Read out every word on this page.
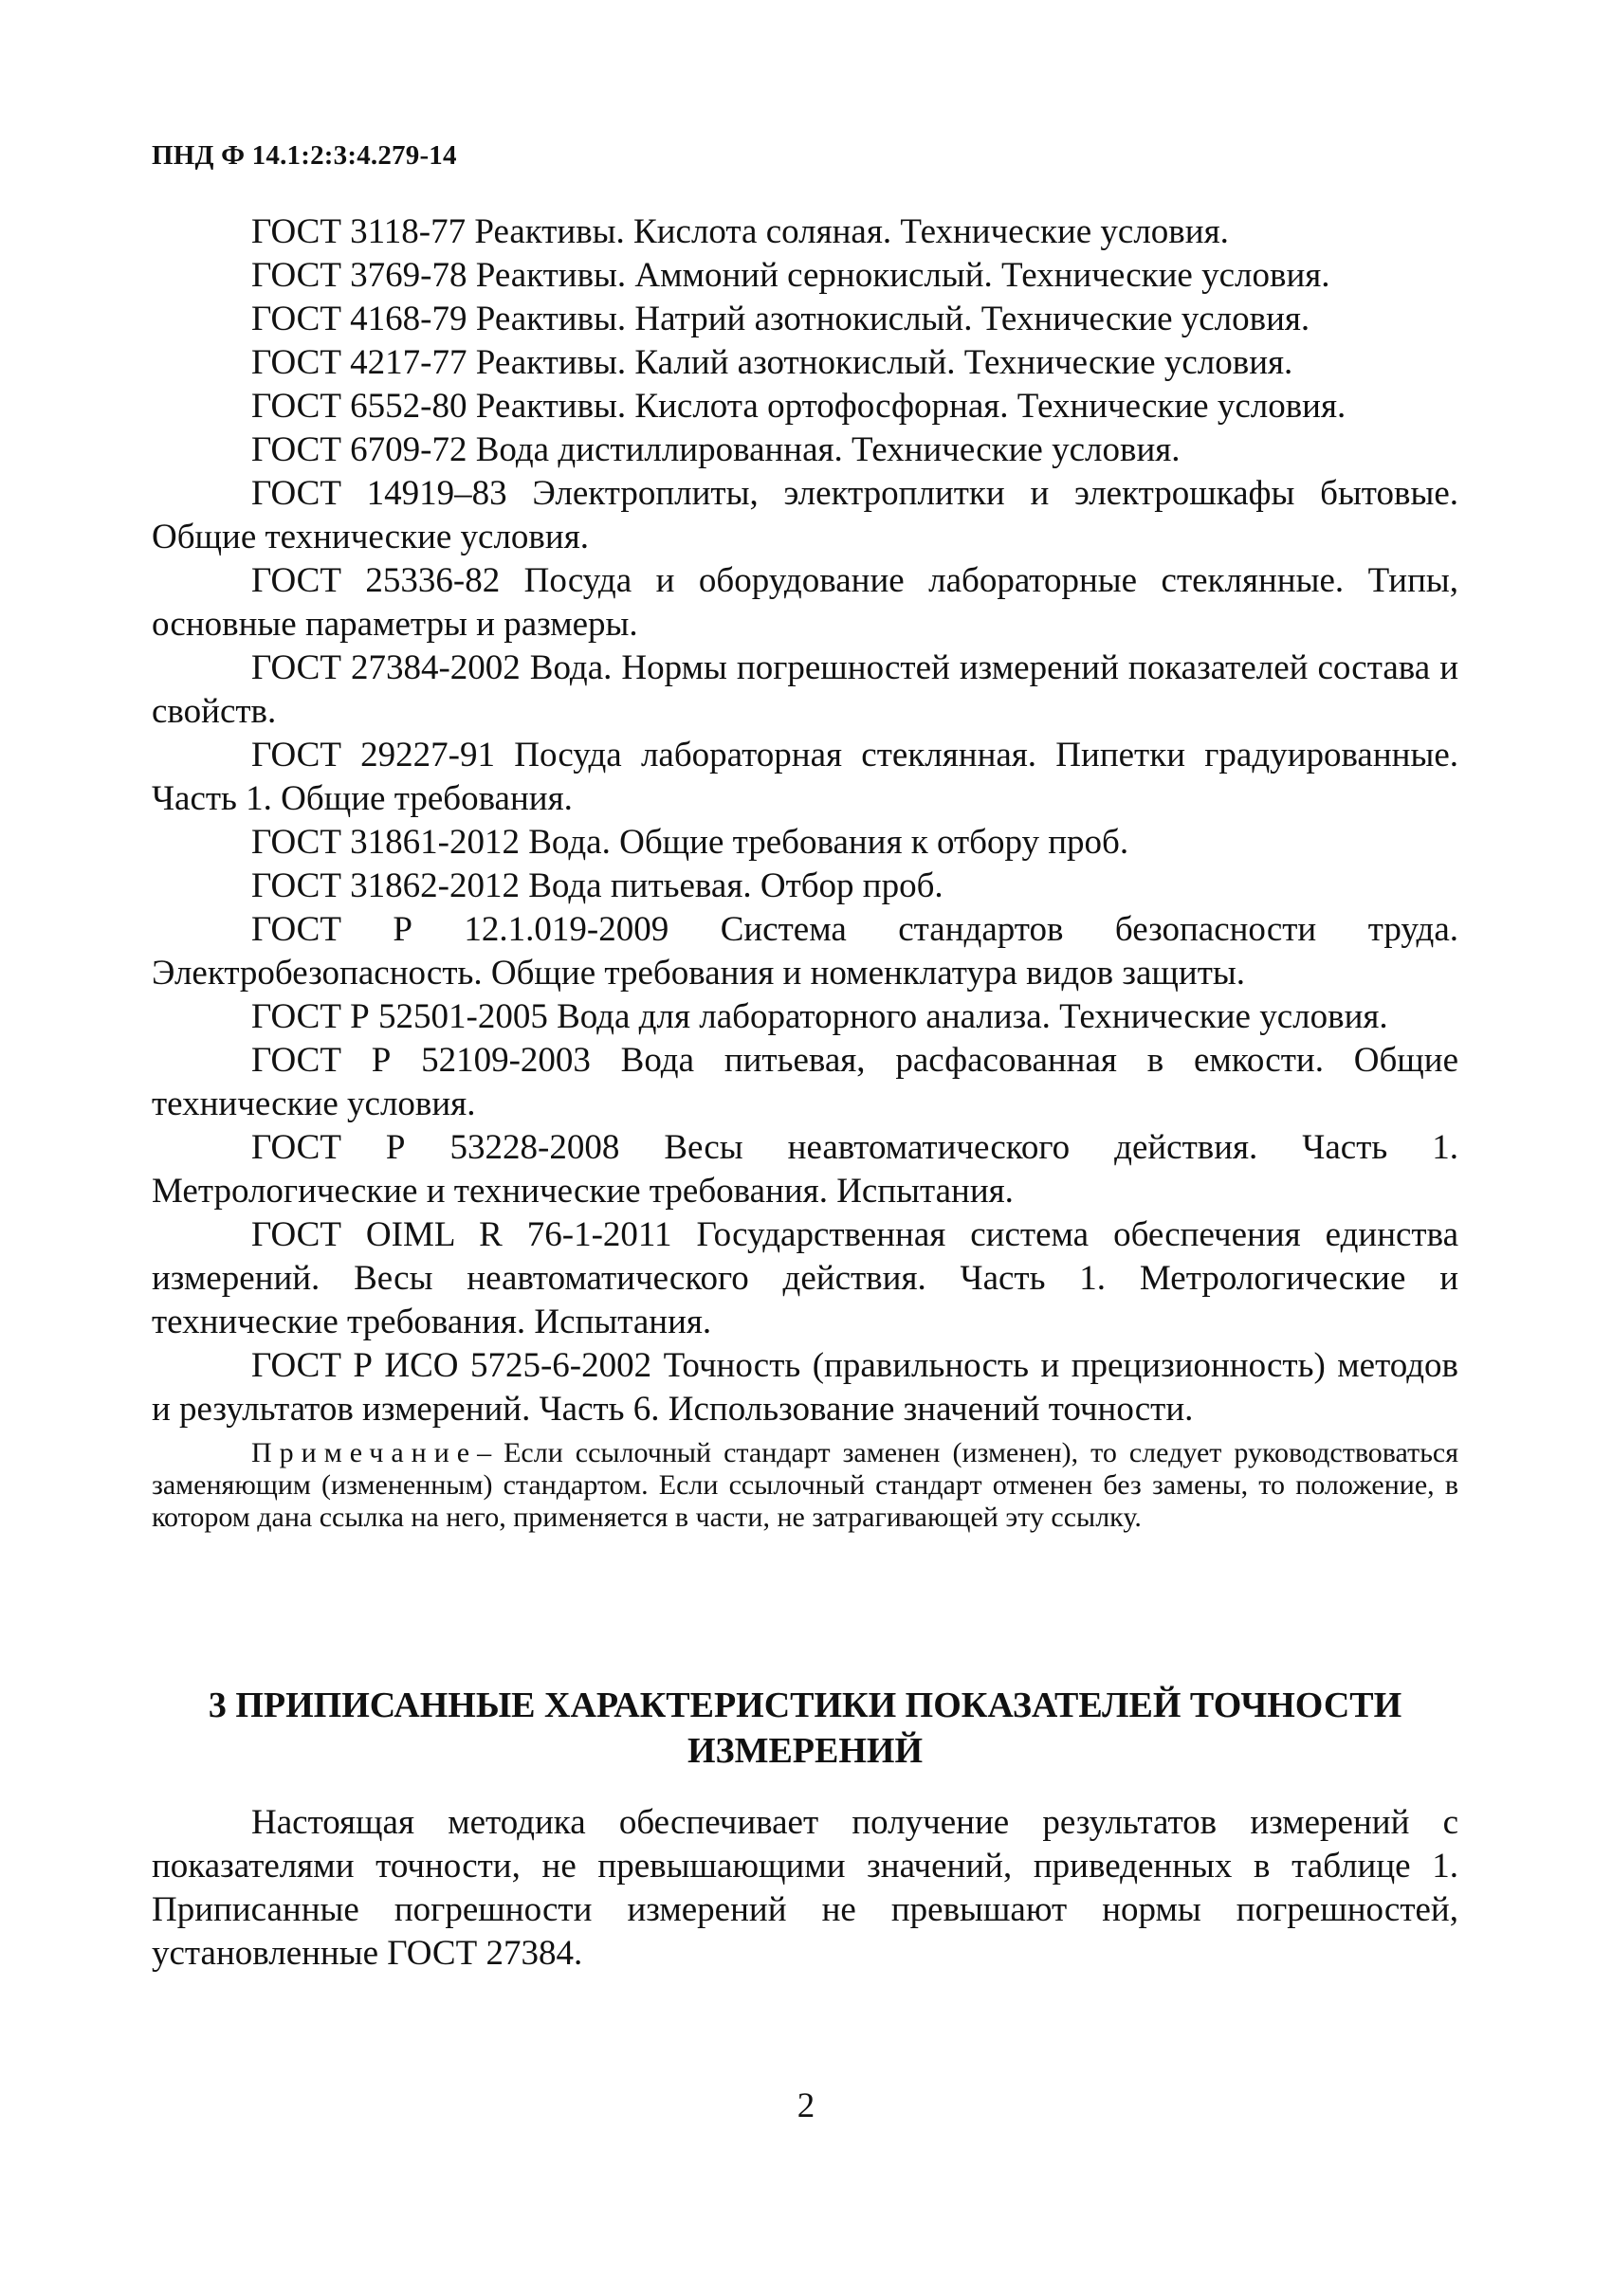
ПНД Ф 14.1:2:3:4.279-14

ГОСТ 3118-77 Реактивы. Кислота соляная. Технические условия.

ГОСТ 3769-78 Реактивы. Аммоний сернокислый. Технические условия.

ГОСТ 4168-79 Реактивы. Натрий азотнокислый. Технические условия.

ГОСТ 4217-77 Реактивы. Калий азотнокислый. Технические условия.

ГОСТ 6552-80 Реактивы. Кислота ортофосфорная. Технические условия.

ГОСТ 6709-72 Вода дистиллированная. Технические условия.

ГОСТ 14919–83 Электроплиты, электроплитки и электрошкафы бытовые. Общие технические условия.

ГОСТ 25336-82 Посуда и оборудование лабораторные стеклянные. Типы, основные параметры и размеры.

ГОСТ 27384-2002 Вода. Нормы погрешностей измерений показателей состава и свойств.

ГОСТ 29227-91 Посуда лабораторная стеклянная. Пипетки градуированные. Часть 1. Общие требования.

ГОСТ 31861-2012 Вода. Общие требования к отбору проб.

ГОСТ 31862-2012 Вода питьевая. Отбор проб.

ГОСТ Р 12.1.019-2009 Система стандартов безопасности труда. Электробезопасность. Общие требования и номенклатура видов защиты.

ГОСТ Р 52501-2005 Вода для лабораторного анализа. Технические условия.

ГОСТ Р 52109-2003 Вода питьевая, расфасованная в емкости. Общие технические условия.

ГОСТ Р 53228-2008 Весы неавтоматического действия. Часть 1. Метрологические и технические требования. Испытания.

ГОСТ OIML R 76-1-2011 Государственная система обеспечения единства измерений. Весы неавтоматического действия. Часть 1. Метрологические и технические требования. Испытания.

ГОСТ Р ИСО 5725-6-2002 Точность (правильность и прецизионность) методов и результатов измерений. Часть 6. Использование значений точности.

Примечание– Если ссылочный стандарт заменен (изменен), то следует руководствоваться заменяющим (измененным) стандартом. Если ссылочный стандарт отменен без замены, то положение, в котором дана ссылка на него, применяется в части, не затрагивающей эту ссылку.

3 ПРИПИСАННЫЕ ХАРАКТЕРИСТИКИ ПОКАЗАТЕЛЕЙ ТОЧНОСТИ ИЗМЕРЕНИЙ

Настоящая методика обеспечивает получение результатов измерений с показателями точности, не превышающими значений, приведенных в таблице 1. Приписанные погрешности измерений не превышают нормы погрешностей, установленные ГОСТ 27384.

2
